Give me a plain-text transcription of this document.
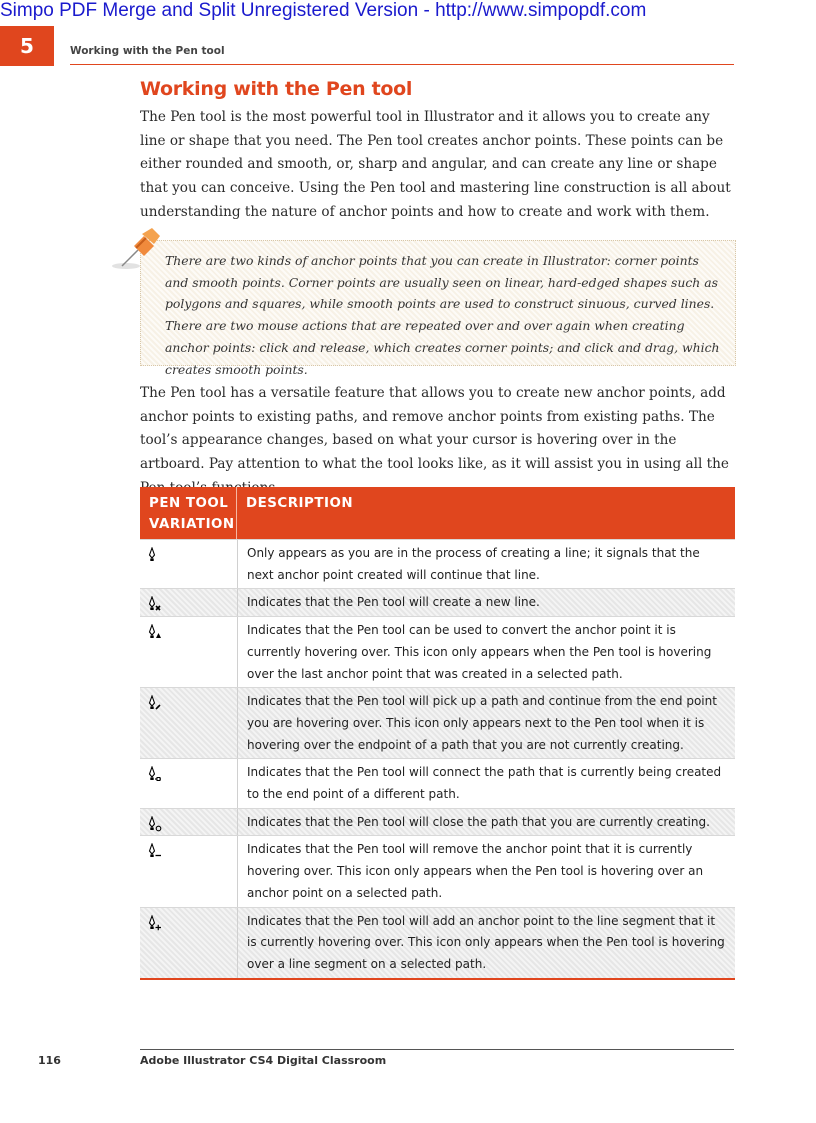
Simpo PDF Merge and Split Unregistered Version - http://www.simpopdf.com
5	Working with the Pen tool
Working with the Pen tool

The Pen tool is the most powerful tool in Illustrator and it allows you to create any line or shape that you need. The Pen tool creates anchor points. These points can be either rounded and smooth, or, sharp and angular, and can create any line or shape that you can conceive. Using the Pen tool and mastering line construction is all about understanding the nature of anchor points and how to create and work with them.

There are two kinds of anchor points that you can create in Illustrator: corner points and smooth points. Corner points are usually seen on linear, hard-edged shapes such as polygons and squares, while smooth points are used to construct sinuous, curved lines. There are two mouse actions that are repeated over and over again when creating anchor points: click and release, which creates corner points; and click and drag, which creates smooth points.

The Pen tool has a versatile feature that allows you to create new anchor points, add anchor points to existing paths, and remove anchor points from existing paths. The tool’s appearance changes, based on what your cursor is hovering over in the artboard. Pay attention to what the tool looks like, as it will assist you in using all the

PEN TOOL VARIATION
DESCRIPTION
Only appears as you are in the process of creating a line; it signals that the next anchor point created will continue that line.
Indicates that the Pen tool will create a new line.
Indicates that the Pen tool can be used to convert the anchor point it is currently hovering over. This icon only appears when the Pen tool is hovering over the last anchor point that was created in a selected path.
Indicates that the Pen tool will pick up a path and continue from the end point you are hovering over. This icon only appears next to the Pen tool when it is hovering over the endpoint of a path that you are not currently creating.
Indicates that the Pen tool will connect the path that is currently being created to the end point of a different path.
Indicates that the Pen tool will close the path that you are currently creating.
Indicates that the Pen tool will remove the anchor point that it is currently hovering over. This icon only appears when the Pen tool is hovering over an anchor point on a selected path.
Indicates that the Pen tool will add an anchor point to the line segment that it is currently hovering over. This icon only appears when the Pen tool is hovering over a line segment on a selected path.
116	Adobe Illustrator CS4 Digital Classroom
